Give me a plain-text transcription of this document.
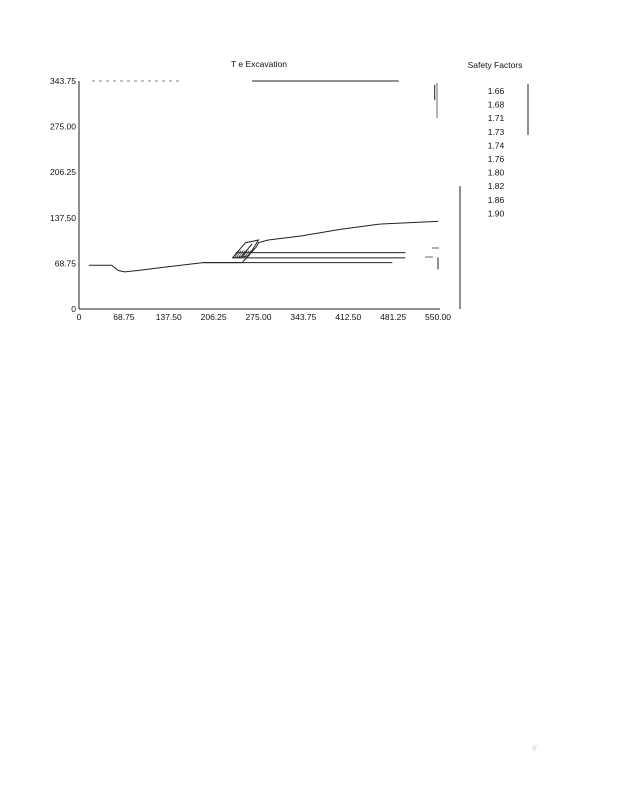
T e Excavation
343.75
275.00
206.25
137.50
68.75
0
0	68.75 137.50 206.25 275.00 343.75 412.50 481.25 550.00
Safety Factors
1.66
1.68
1.71
1.73
1.74
1.76
1.80
1.82
1.86
1.90
